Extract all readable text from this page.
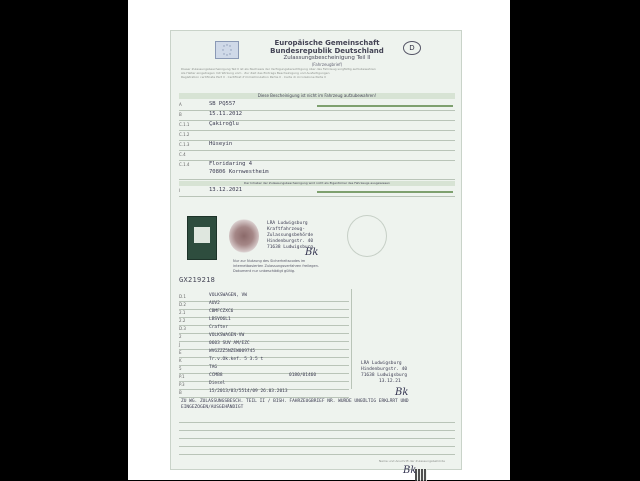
Europäische Gemeinschaft
Bundesrepublik Deutschland
Zulassungsbescheinigung Teil II
(Fahrzeugbrief)
D
Dieser Zulassungsbescheinigung Teil II ist als Nachweis der Verfügungsberechtigung über das Fahrzeug sorgfältig aufzubewahren
Als Halter eingetragen mit Wirkung vom · Zur Zeit des Eintrags Bescheinigung und Ausfertigungen
Registration certificate Part II · Certificat d'immatriculation Partie II · Carta di circolazione Parte II
Diese Bescheinigung ist nicht im Fahrzeug aufzubewahren!
A	SB PQ557
B	15.11.2012
C.1.1	Çakiroğlu
C.1.2
C.1.3	Hüseyin
C.4
C.1.4	Floridaring 4
70806 Kornwestheim
Der Inhaber der Zulassungsbescheinigung wird nicht als Eigentümer des Fahrzeugs ausgewiesen
I	13.12.2021
LRA Ludwigsburg
Kraftfahrzeug-
Zulassungsbehörde
Hindenburgstr. 40
71638 Ludwigsburg
Bk
Nur zur Nutzung des Sicherheitscodes im internetbasierten Zulassungsverfahren freilegen. Dokument nur unbeschädigt gültig.
GX219218
D.1	VOLKSWAGEN, VW
D.2	AUV2
2.1	CBMFCZXC6
2.2	LBSVO6L1
D.3	Crafter
2	VOLKSWAGEN-VW
J	0603 SUV AM/EZC
E	WVGZZZ5NZEW009745
K	Tr.v.Ok.kef. 5 3.5 t
5	TAG
P.1	CCMB8	0180/01460
P.3	Diesel
B	15/2013/03/5514/09 26.03.2013
LRA Ludwigsburg
Hindenburgstr. 40
71638 Ludwigsburg
13.12.21
Bk
ZU WG. ZULASSUNGSBESCH. TEIL II / BISH. FAHRZEUGBRIEF NR. WURDE UNGÜLTIG ERKLÄRT UND EINGEZOGEN/AUSGEHÄNDIGT
Name und Anschrift der Zulassungsbehörde
Bk
